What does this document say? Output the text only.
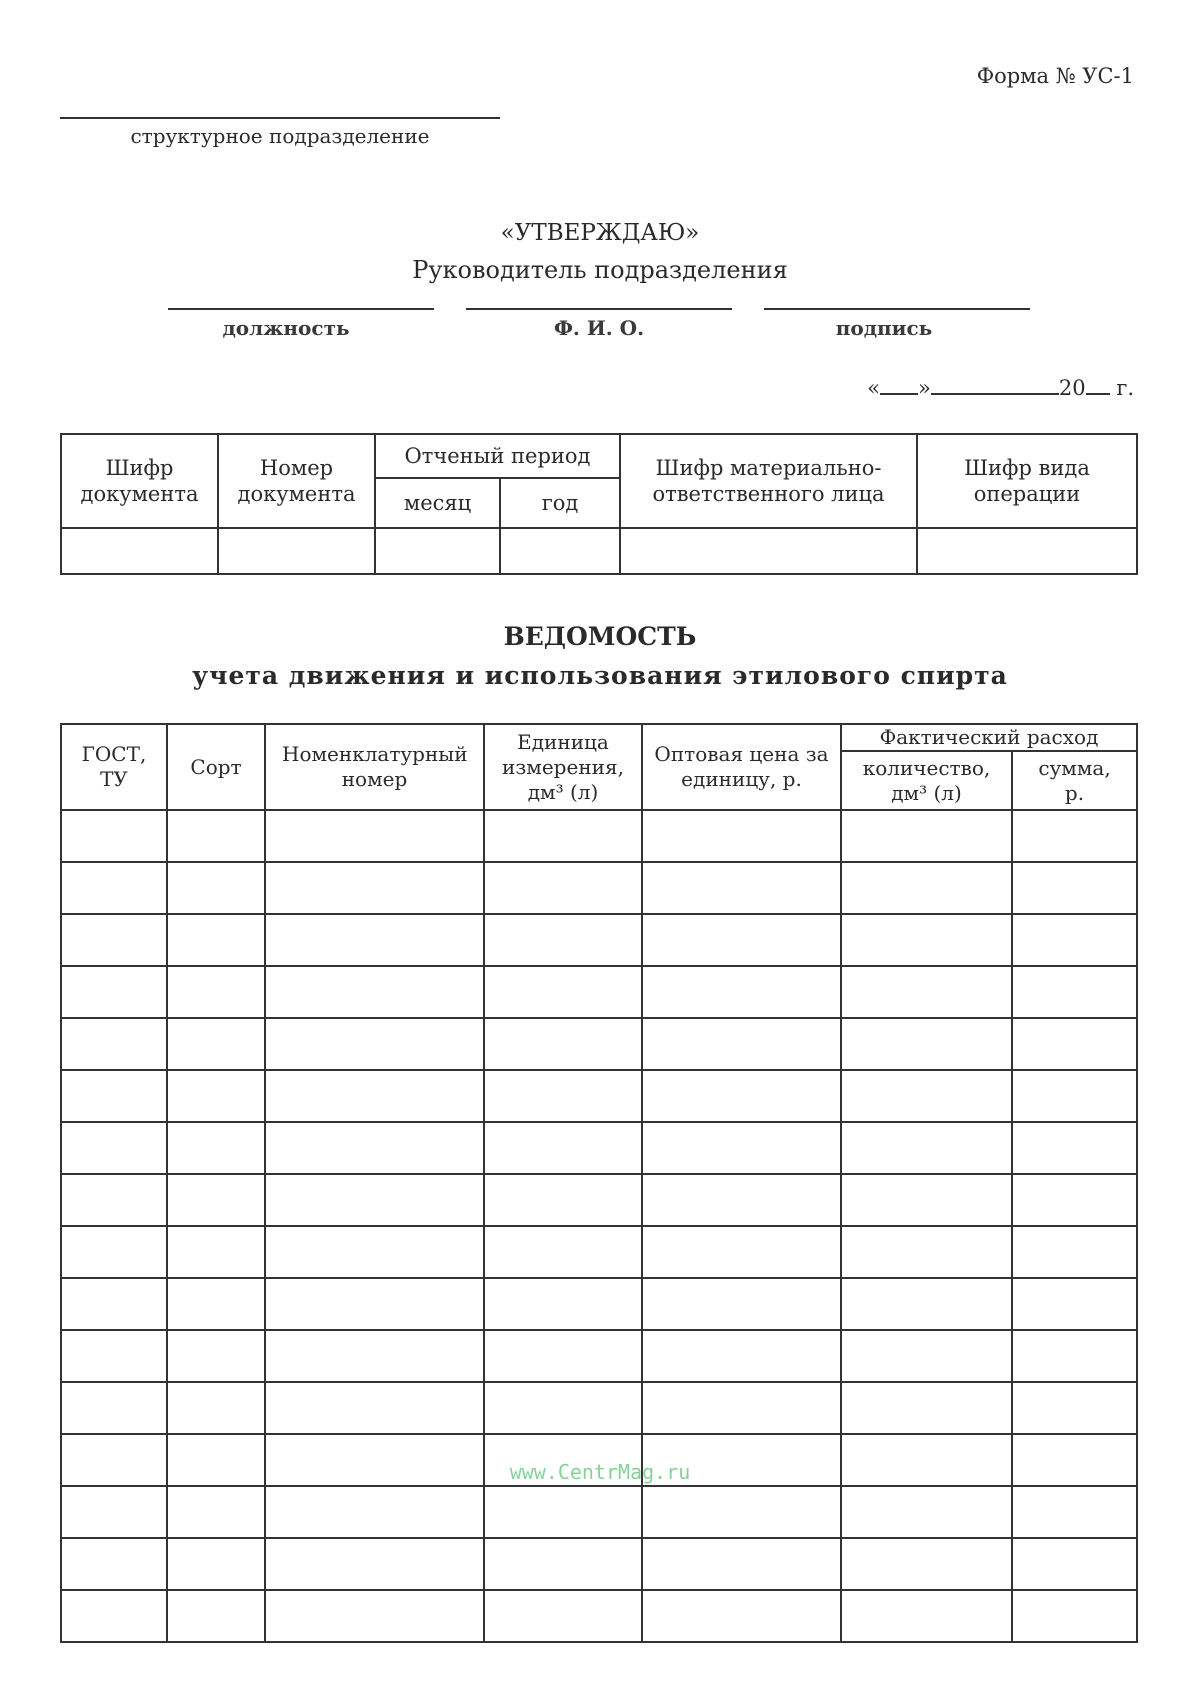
Форма № УС-1
структурное подразделение
«УТВЕРЖДАЮ»
Руководитель подразделения
должность	Ф. И. О.	подпись
« »	20 г.
Шифр документа	Номер документа	Отченый период		Шифр материально-ответственного лица	Шифр вида операции
		месяц	год		

ВЕДОМОСТЬ
учета движения и использования этилового спирта
ГОСТ, ТУ	Сорт	Номенклатурный номер	Единица измерения, дм³ (л)	Оптовая цена за единицу, р.	Фактический расход	
					количество, дм³ (л)	сумма, р.

www.CentrMag.ru
